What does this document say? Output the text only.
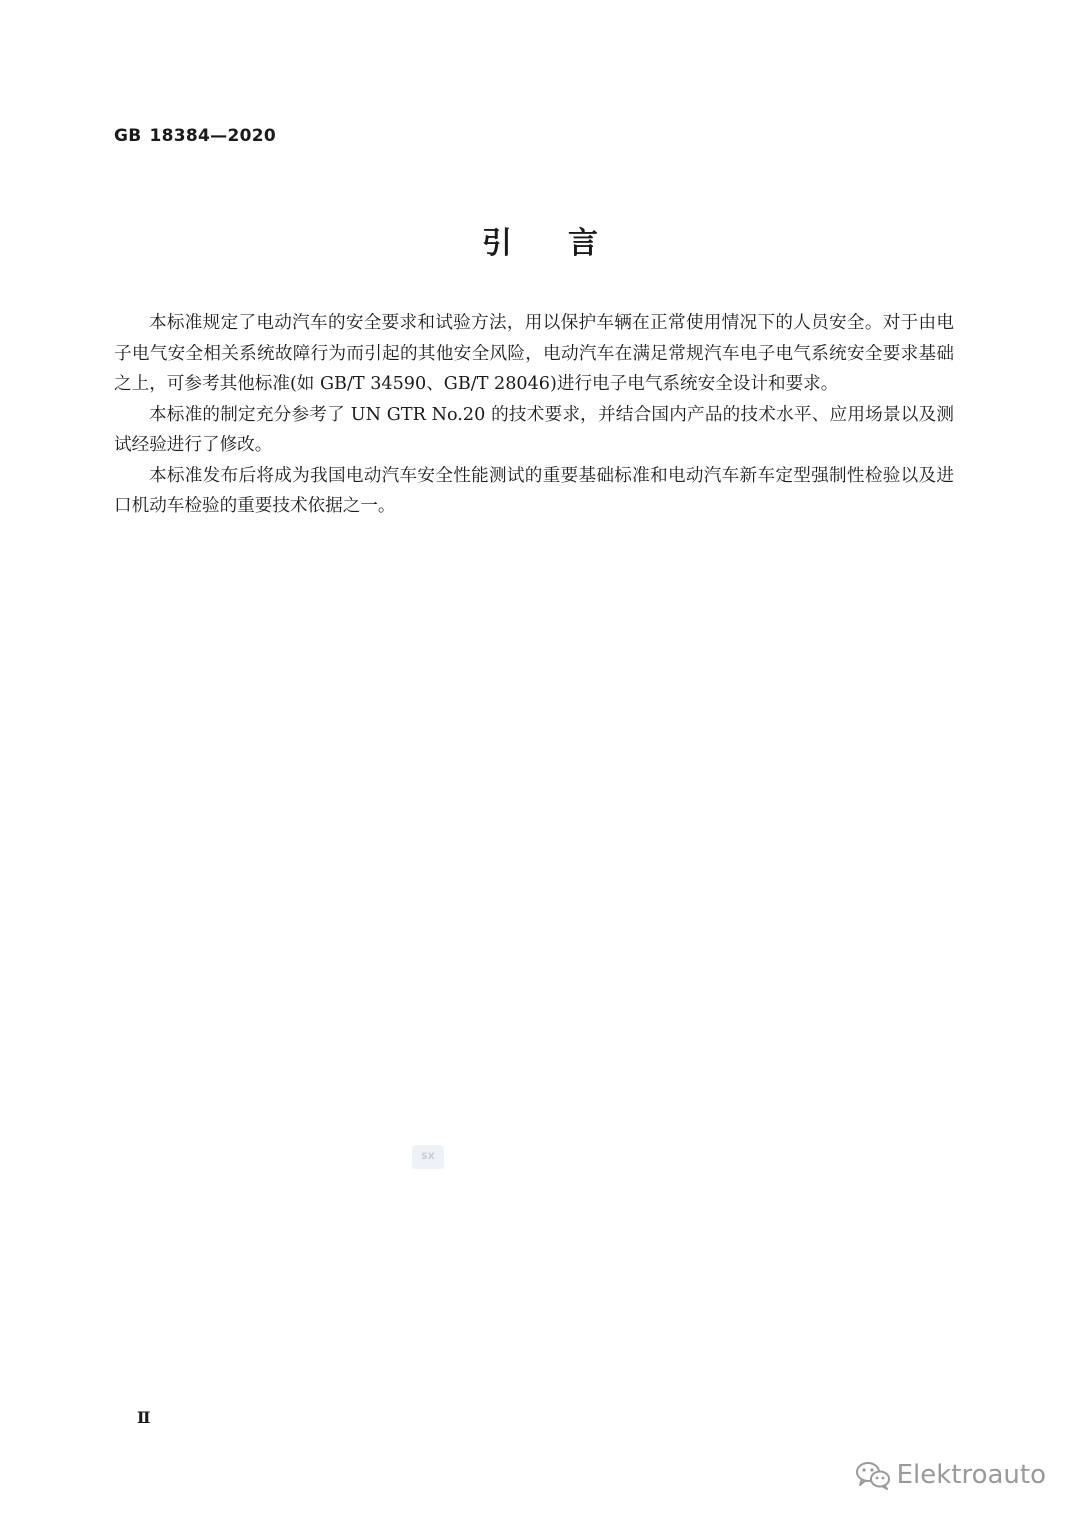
GB 18384—2020
引言

本标准规定了电动汽车的安全要求和试验方法，用以保护车辆在正常使用情况下的人员安全。对于由电子电气安全相关系统故障行为而引起的其他安全风险，电动汽车在满足常规汽车电子电气系统安全要求基础之上，可参考其他标准(如 GB/T 34590、GB/T 28046)进行电子电气系统安全设计和要求。

本标准的制定充分参考了 UN GTR No.20 的技术要求，并结合国内产品的技术水平、应用场景以及测试经验进行了修改。

本标准发布后将成为我国电动汽车安全性能测试的重要基础标准和电动汽车新车定型强制性检验以及进口机动车检验的重要技术依据之一。

SX
Ⅱ
Elektroauto
